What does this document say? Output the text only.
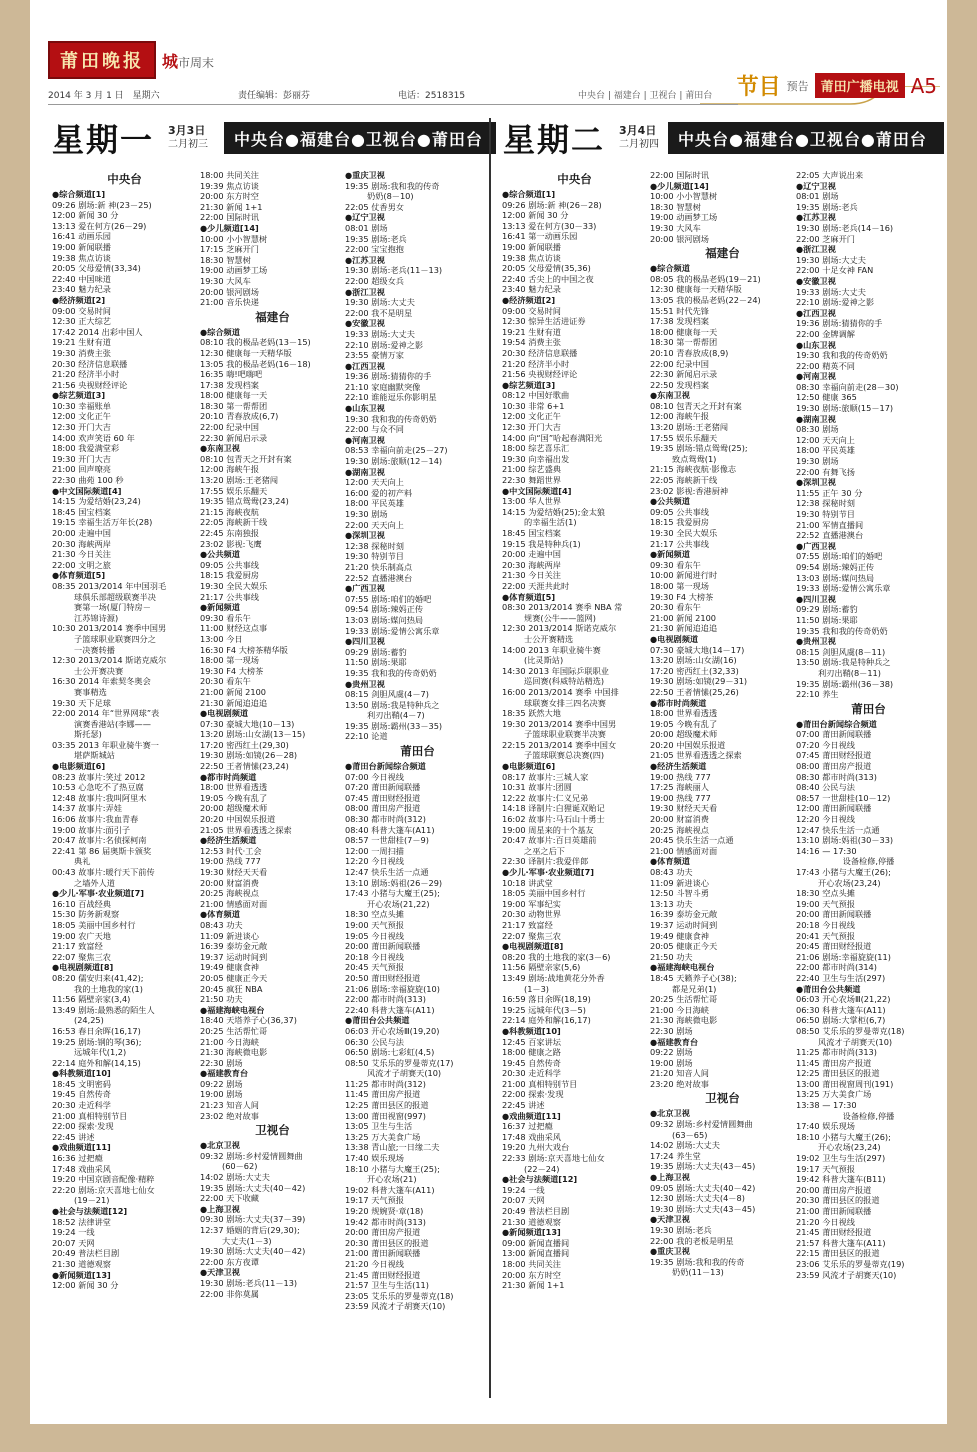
莆田晚报	城市周末
节目 预告 莆田广播电视 A5
2014 年 3 月 1 日　星期六	责任编辑：彭丽芬	电话：2518315	中央台 | 福建台 | 卫视台 | 莆田台
星期一 3月3日
二月初三	中央台●福建台●卫视台●莆田台 星期二 3月4日
二月初四	中央台●福建台●卫视台●莆田台
中央台
●综合频道[1]
09:26 剧场:新 神(23－25)
12:00 新闻 30 分
13:13 爱在何方(26－29)
16:41 动画乐园
19:00 新闻联播
19:38 焦点访谈
20:05 父母爱情(33,34)
22:40 中国味道
23:40 魅力纪录
●经济频道[2]
09:00 交易时间
12:30 正大综艺
17:42 2014 出彩中国人
19:21 生财有道
19:30 消费主张
20:30 经济信息联播
21:20 经济半小时
21:56 央视财经评论
●综艺频道[3]
10:30 幸福账单
12:00 文化正午
12:30 开门大吉
14:00 欢声笑语 60 年
18:00 我爱满堂彩
19:30 开门大吉
21:00 回声嘹亮
22:30 曲苑 100 秒
●中文国际频道[4]
14:15 为爱结婚(23,24)
18:45 国宝档案
19:15 幸福生活万年长(28)
20:00 走遍中国
20:30 海峡两岸
21:30 今日关注
22:00 文明之旅
●体育频道[5]
08:35 2013/2014 年中国羽毛
球俱乐部超级联赛半决
赛第一场(厦门特房－
江苏锦诗源)
10:30 2013/2014 赛季中国男
子篮球职业联赛四分之
一决赛转播
12:30 2013/2014 斯诺克威尔
士公开赛决赛
16:30 2014 年索契冬奥会
赛事精选
19:30 天下足球
22:00 2014 年“世界网球”表
演赛香港站(李娜——
斯托瑟)
03:35 2013 年职业骑牛赛一
堪萨斯城站
●电影频道[6]
08:23 故事片:笑过 2012
10:53 心急吃不了热豆腐
12:48 故事片:我叫阿里木
14:37 故事片:弄娃
16:06 故事片:我血青春
19:00 故事片:面引子
20:47 故事片:名侦探柯南
22:41 第 86 届奥斯卡颁奖
典礼
00:43 故事片:暖行天下前传
之墙外人道
●少儿·军事·农业频道[7]
16:10 百战经典
15:30 防务新观察
18:05 美丽中国乡村行
19:00 农广天地
21:17 致富经
22:07 聚焦三农
●电视剧频道[8]
08:20 儒安归来(41,42);
我的土地我的家(1)
11:56 隔壁亲家(3,4)
13:49 剧场:最熟悉的陌生人
(24,25)
16:53 春日余晖(16,17)
19:25 剧场:钢的琴(36);
远城年代(1,2)
22:14 庭外和解(14,15)
●科教频道[10]
18:45 文明密码
19:45 自然传奇
20:30 走近科学
21:00 真相特别节目
22:00 探索·发现
22:45 讲述
●戏曲频道[11]
16:36 过把瘾
17:48 戏曲采风
19:20 中国京剧音配像·精粹
22:20 剧场:京天喜地七仙女
(19－21)
●社会与法频道[12]
18:52 法律讲堂
19:24 一线
20:07 天网
20:49 普法栏目剧
21:30 道德观察
●新闻频道[13]
12:00 新闻 30 分
18:00 共同关注
19:39 焦点访谈
20:00 东方时空
21:30 新闻 1+1
22:00 国际时讯
●少儿频道[14]
10:00 小小智慧树
17:15 芝麻开门
18:30 智慧树
19:00 动画梦工场
19:30 大风车
20:00 银河剧场
21:00 音乐快递
福建台
●综合频道
08:10 我的极品老妈(13－15)
12:30 健康每一天精华版
13:05 我的极品老妈(16－18)
16:35 嗨!吧嗨吧
17:38 发现档案
18:00 健康每一天
18:30 第一帮帮团
20:10 青春放成(6,7)
22:00 纪录中国
22:30 新闻启示录
●东南卫视
08:10 包青天之开封有案
12:00 海峡午报
13:20 剧场:王老猪闯
17:55 娱乐乐翻天
19:35 错点鸳鸯(23,24)
21:15 海峡夜航
22:05 海峡新干线
22:45 东南独报
23:02 影视:飞鹰
●公共频道
09:05 公共事线
18:15 我爱厨房
19:30 全民大娱乐
21:17 公共事线
●新闻频道
09:30 看乐午
11:00 财经这点事
13:00 今日
16:30 F4 大榜茶精华版
18:00 第一现场
19:30 F4 大榜茶
20:30 看东午
21:00 新闻 2100
21:30 新闻追追追
●电视剧频道
07:30 豪城大地(10－13)
13:20 剧场:山女湖(13－15)
17:20 密西红土(29,30)
19:30 剧场:如镜(26－28)
22:50 王者情愫(23,24)
●都市时尚频道
18:00 世界看透透
19:05 今晚有乱了
20:00 超级魔术师
20:20 中国娱乐报道
21:05 世界看透透之探索
●经济生活频道
12:53 时代·工会
19:00 热线 777
19:30 财经天天看
20:00 财富消费
20:25 海峡视点
21:00 情感面对面
●体育频道
08:43 功夫
11:09 新进谈心
16:39 泰坊金元敞
19:37 运动时间到
19:49 健康食神
20:05 健康正今天
20:45 疯狂 NBA
21:50 功夫
●福建海峡电视台
18:40 天塔养子心(36,37)
20:25 生活帮忙哥
21:00 今日海峡
21:30 海峡微电影
22:30 剧场
●福建教育台
09:22 剧场
19:00 剧场
21:23 知音人间
23:02 绝对故事
卫视台
●北京卫视
09:32 剧场:乡村爱情圆舞曲
(60－62)
14:02 剧场:大丈夫
19:35 剧场:大丈夫(40－42)
22:00 天下收藏
●上海卫视
09:30 剧场:大丈夫(37－39)
12:37 婚姻的背后(29,30);
大丈夫(1－3)
19:30 剧场:大丈夫(40－42)
22:00 东方夜谭
●天津卫视
19:30 剧场:老兵(11－13)
22:00 非你莫属
●重庆卫视
19:35 剧场:我和我的传奇
奶奶(8－10)
22:05 仗香男女
●辽宁卫视
08:01 剧场
19:35 剧场:老兵
22:00 宝宝抱抱
●江苏卫视
19:30 剧场:老兵(11－13)
22:00 超级女兵
●浙江卫视
19:30 剧场:大丈夫
22:00 我不是明星
●安徽卫视
19:33 剧场:大丈夫
22:10 剧场:爱神之影
23:55 豪情万家
●江西卫视
19:36 剧场:猜猜你的手
21:10 家庭幽默突像
22:10 谁能逗乐你影明星
●山东卫视
19:30 我和我的传奇奶奶
22:00 与众不同
●河南卫视
08:53 幸福向前走(25－27)
19:30 剧场:旅顺(12－14)
●湖南卫视
12:00 天天向上
16:00 爱的初产料
18:00 平民英雄
19:30 剧场
22:00 天天向上
●深圳卫视
12:38 探秘时刻
19:30 特别节目
21:20 快乐制高点
22:52 直播港澳台
●广西卫视
07:55 剧场:咱们的婚吧
09:54 剧场:辣妈正传
13:03 剧场:媒问热局
19:33 剧场:爱情公寓乐章
●四川卫视
09:29 剧场:蓄豹
11:50 剧场:果耶
19:35 我和我的传奇奶奶
●贵州卫视
08:15 剑胆风虞(4－7)
13:50 剧场:我是特种兵之
利刃出鞘(4－7)
19:35 剧场:霸州(33－35)
22:10 论道
莆田台
●莆田台新闻综合频道
07:00 今日视线
07:20 莆田新闻联播
07:45 莆田财经报道
08:00 莆田房产报道
08:30 都市时尚(312)
08:40 科普大篷车(A11)
08:57 一世甜桂(7－9)
12:00 一周扫描
12:20 今日视线
12:47 快乐生活一点通
13:10 剧场:妈祖(26－29)
17:43 小猪与大魔王(25);
开心农场(21,22)
18:30 空点头摊
19:00 天气预报
19:05 今日视线
20:00 莆田新闻联播
20:18 今日视线
20:45 天气预报
20:50 莆田财经报道
21:06 剧场:幸福旋旋(10)
22:00 都市时尚(313)
22:40 科普大篷车(A11)
●莆田台公共频道
06:03 开心农场Ⅲ(19,20)
06:30 公民与法
06:50 剧场:七彩虹(4,5)
08:50 艾乐乐的罗曼蒂克(17)
风流才子胡赛天(10)
11:25 都市时尚(312)
11:45 莆田房产报道
12:25 莆田县区的报道
13:00 莆田视窗(997)
13:05 卫生与生活
13:25 万大美食广场
13:38 青山旅;一日缘二夫
17:40 娱乐现场
18:10 小猪与大魔王(25);
开心农场(21)
19:02 科普大篷车(A11)
19:17 天气预报
19:20 规婉贤·章(18)
19:42 都市时尚(313)
20:00 莆田房产报道
20:30 莆田县区的报道
21:00 莆田新闻联播
21:20 今日视线
21:45 莆田财经报道
21:57 卫生与生活(11)
23:05 艾乐乐的罗曼蒂克(18)
23:59 风流才子胡赛天(10)
中央台
●综合频道[1]
09:26 剧场:新 神(26－28)
12:00 新闻 30 分
13:13 爱在何方(30－33)
16:41 第一动画乐园
19:00 新闻联播
19:38 焦点访谈
20:05 父母爱情(35,36)
22:40 舌尖上的中国之夜
23:40 魅力纪录
●经济频道[2]
09:00 交易时间
12:30 惊异生活进证券
19:21 生财有道
19:54 消费主张
20:30 经济信息联播
21:20 经济半小时
21:56 央视财经评论
●综艺频道[3]
08:12 中国好歌曲
10:30 非常 6+1
12:00 文化正午
12:30 开门大吉
14:00 向“国”哈起春满阳光
18:00 综艺喜乐汇
19:30 向幸福出发
21:00 综艺盛典
22:30 舞蹈世界
●中文国际频道[4]
13:00 华人世界
14:15 为爱结婚(25);金太狼
的幸福生活(1)
18:45 国宝档案
19:15 我是特种兵(1)
20:00 走遍中国
20:30 海峡两岸
21:30 今日关注
22:00 天涯共此时
●体育频道[5]
08:30 2013/2014 赛季 NBA 常
规赛(公牛——篮网)
12:30 2013/2014 斯诺克威尔
士公开赛精选
14:00 2013 年职业骑牛赛
(比灵斯站)
14:30 2013 年国际乒联职业
巡回赛(科威特站精选)
16:00 2013/2014 赛季 中国排
球联赛女排三四名决赛
18:35 跃然大地
19:30 2013/2014 赛季中国男
子篮球职业联赛半决赛
22:15 2013/2014 赛季中国女
子篮球联赛总决赛(四)
●电影频道[6]
08:17 故事片:三城人家
10:31 故事片:团圆
12:22 故事片:仁义兄弟
14:18 译制片:白狸诞双贻记
16:02 故事片:马石山十勇士
19:00 周星来的十个基友
20:47 故事片:百日英雄前
之巫之后下
22:30 译制片:我爱伴郎
●少儿·军事·农业频道[7]
10:18 讲武堂
18:05 美丽中国乡村行
19:00 军事纪实
20:30 动物世界
21:17 致富经
22:07 聚焦三农
●电视剧频道[8]
08:20 我的土地我的家(3－6)
11:56 隔壁亲家(5,6)
13:49 剧场:战地黄花分外香
(1－3)
16:59 落日余晖(18,19)
19:25 远城年代(3－5)
22:14 庭外和解(16,17)
●科教频道[10]
12:45 百家讲坛
18:00 健康之路
19:45 自然传奇
20:30 走近科学
21:00 真相特别节目
22:00 探索·发现
22:45 讲述
●戏曲频道[11]
16:37 过把瘾
17:48 戏曲采风
19:20 九州大戏台
22:33 剧场:京天喜地七仙女
(22－24)
●社会与法频道[12]
19:24 一线
20:07 天网
20:49 普法栏目剧
21:30 道德观察
●新闻频道[13]
09:00 新闻直播间
13:00 新闻直播间
18:00 共同关注
20:00 东方时空
21:30 新闻 1+1
22:00 国际时讯
●少儿频道[14]
10:00 小小智慧树
18:30 智慧树
19:00 动画梦工场
19:30 大风车
20:00 银河剧场
福建台
●综合频道
08:05 我的极品老妈(19－21)
12:30 健康每一天精华版
13:05 我的极品老妈(22－24)
15:51 时代先锋
17:38 发现档案
18:00 健康每一天
18:30 第一帮帮团
20:10 青春放成(8,9)
22:00 纪录中国
22:30 新闻启示录
22:50 发现档案
●东南卫视
08:10 包青天之开封有案
12:00 海峡午报
13:20 剧场:王老猪闯
17:55 娱乐乐翻天
19:35 剧场:错点鸳鸯(25);
致点鸳鸯(1)
21:15 海峡夜航·影像志
22:05 海峡新干线
23:02 影视:香港厨神
●公共频道
09:05 公共事线
18:15 我爱厨房
19:30 全民大娱乐
21:17 公共事线
●新闻频道
09:30 看东午
10:00 新闻进行时
18:00 第一现场
19:30 F4 大榜茶
20:30 看东午
21:00 新闻 2100
21:30 新闻追追追
●电视剧频道
07:30 豪城大地(14－17)
13:20 剧场:山女湖(16)
17:20 密西红土(32,33)
19:30 剧场:如镜(29－31)
22:50 王者情愫(25,26)
●都市时尚频道
18:00 世界看透透
19:05 今晚有乱了
20:00 超级魔术师
20:20 中国娱乐报道
21:05 世界看透透之探索
●经济生活频道
19:00 热线 777
17:25 海峡丽人
19:00 热线 777
19:30 财经天天看
20:00 财富消费
20:25 海峡视点
20:45 快乐生活一点通
21:00 情感面对面
●体育频道
08:43 功夫
11:09 新进谈心
12:50 斗智斗勇
13:13 功夫
16:39 泰坊金元敞
19:37 运动时间到
19:49 健康食神
20:05 健康正今天
21:50 功夫
●福建海峡电视台
18:45 天籁养子心(38);
都是兄弟(1)
20:25 生活帮忙哥
21:00 今日海峡
21:30 海峡微电影
22:30 剧场
●福建教育台
09:22 剧场
19:00 剧场
21:20 知音人间
23:20 绝对故事
卫视台
●北京卫视
09:32 剧场:乡村爱情圆舞曲
(63－65)
14:02 剧场:大丈夫
17:24 养生堂
19:35 剧场:大丈夫(43－45)
●上海卫视
09:05 剧场:大丈夫(40－42)
12:30 剧场:大丈夫(4－8)
19:30 剧场:大丈夫(43－45)
●天津卫视
19:30 剧场:老兵
22:00 我的老板是明星
●重庆卫视
19:35 剧场:我和我的传奇
奶奶(11－13)
22:05 大声说出来
●辽宁卫视
08:01 剧场
19:35 剧场:老兵
●江苏卫视
19:30 剧场:老兵(14－16)
22:00 芝麻开门
●浙江卫视
19:30 剧场:大丈夫
22:00 十足女神 FAN
●安徽卫视
19:33 剧场:大丈夫
22:10 剧场:爱神之影
●江西卫视
19:36 剧场:猜猜你的手
22:00 金牌调解
●山东卫视
19:30 我和我的传奇奶奶
22:00 精英不同
●河南卫视
08:30 幸福向前走(28－30)
12:50 健康 365
19:30 剧场:旅顺(15－17)
●湖南卫视
08:30 剧场
12:00 天天向上
18:00 平民英雄
19:30 剧场
22:00 有舞飞扬
●深圳卫视
11:55 正午 30 分
12:38 探秘时刻
19:30 特别节目
21:00 军情直播间
22:52 直播港澳台
●广西卫视
07:55 剧场:咱们的婚吧
09:54 剧场:辣妈正传
13:03 剧场:媒问热局
19:33 剧场:爱情公寓乐章
●四川卫视
09:29 剧场:蓄豹
11:50 剧场:果耶
19:35 我和我的传奇奶奶
●贵州卫视
08:15 剑胆风虞(8－11)
13:50 剧场:我是特种兵之
利刃出鞘(8－11)
19:35 剧场:霸州(36－38)
22:10 养生
莆田台
●莆田台新闻综合频道
07:00 莆田新闻联播
07:20 今日视线
07:45 莆田财经报道
08:00 莆田房产报道
08:30 都市时尚(313)
08:40 公民与法
08:57 一世甜桂(10－12)
12:00 莆田新闻联播
12:20 今日视线
12:47 快乐生活一点通
13:10 剧场:妈祖(30－33)
14:16 — 17:30
设备检修,停播
17:43 小猪与大魔王(26);
开心农场(23,24)
18:30 空点头摊
19:00 天气预报
20:00 莆田新闻联播
20:18 今日视线
20:41 天气预报
20:45 莆田财经报道
21:06 剧场:幸福旋旋(11)
22:00 都市时尚(314)
22:40 卫生与生活(297)
●莆田台公共频道
06:03 开心农场Ⅲ(21,22)
06:30 科普大篷车(A11)
06:50 剧场:大掌柜(6,7)
08:50 艾乐乐的罗曼蒂克(18)
风流才子胡赛天(10)
11:25 都市时尚(313)
11:45 莆田房产报道
12:25 莆田县区的报道
13:00 莆田视窗周刊(191)
13:25 万大美食广场
13:38 — 17:30
设备检修,停播
17:40 娱乐现场
18:10 小猪与大魔王(26);
开心农场(23,24)
19:02 卫生与生活(297)
19:17 天气预报
19:42 科普大篷车(B11)
20:00 莆田房产报道
20:30 莆田县区的报道
21:00 莆田新闻联播
21:20 今日视线
21:45 莆田财经报道
21:57 科普大篷车(A11)
22:15 莆田县区的报道
23:06 艾乐乐的罗曼蒂克(19)
23:59 风流才子胡赛天(10)
